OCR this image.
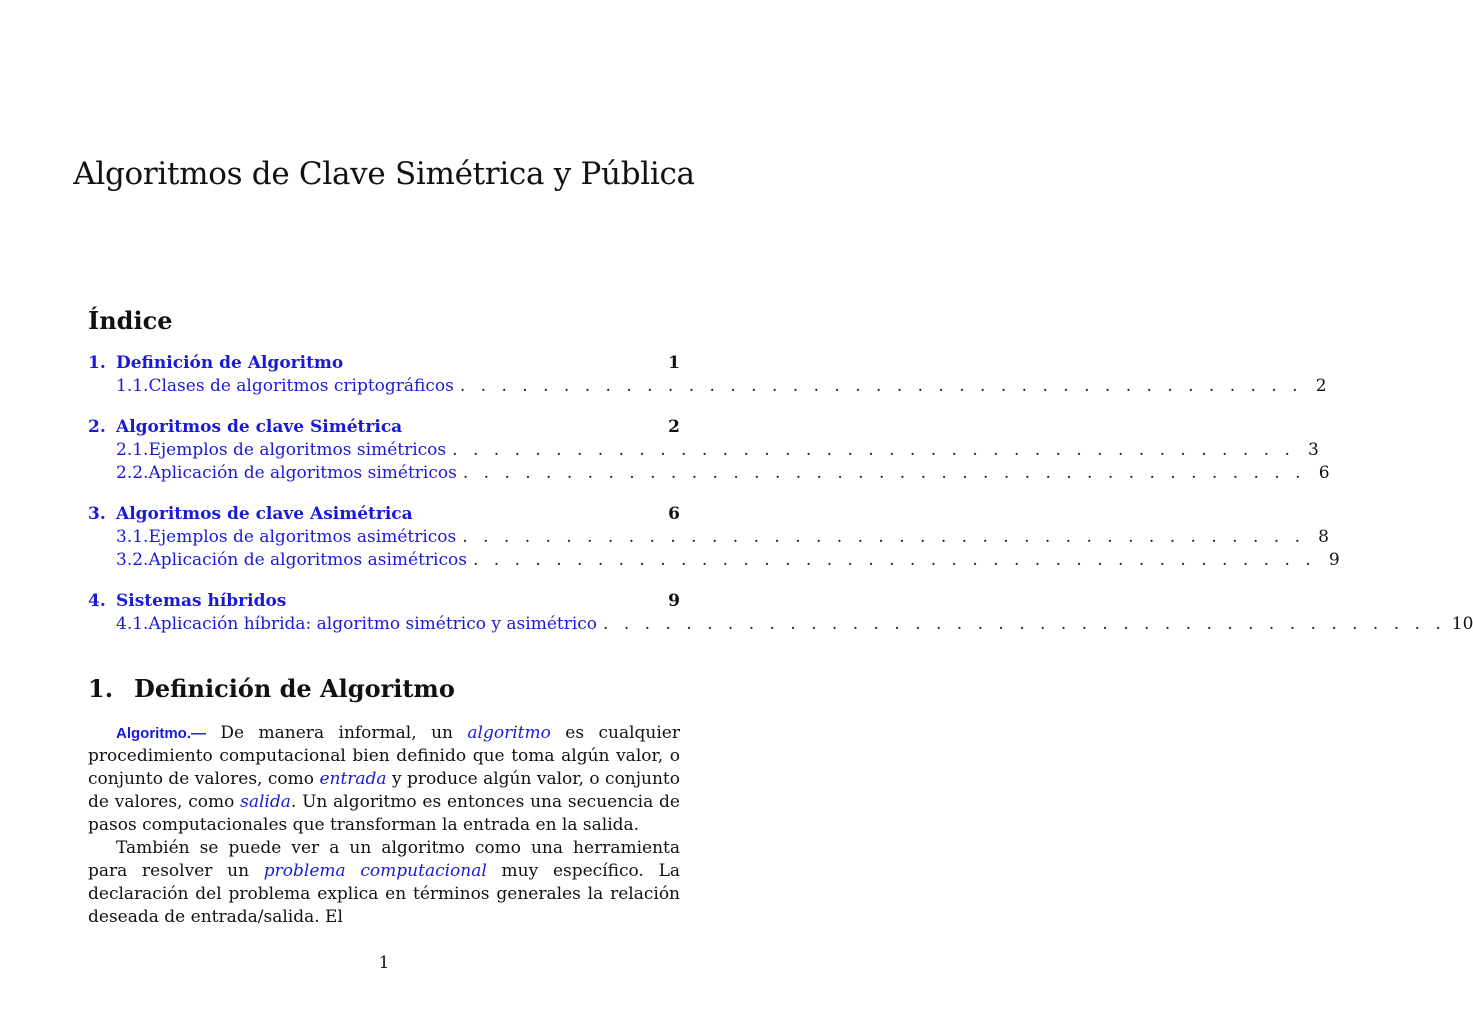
Algoritmos de Clave Simétrica y Pública
Índice
1. Definición de Algoritmo	1
1.1. Clases de algoritmos criptográficos . . . . . . . . . . . . . . . . . . . . . . . . . . . . . . . . . . . . . . . . . 2
2. Algoritmos de clave Simétrica	2
2.1. Ejemplos de algoritmos simétricos . . . . . . . . . . . . . . . . . . . . . . . . . . . . . . . . . . . . . . . . . 3
2.2. Aplicación de algoritmos simétricos . . . . . . . . . . . . . . . . . . . . . . . . . . . . . . . . . . . . . . . . . 6
3. Algoritmos de clave Asimétrica	6
3.1. Ejemplos de algoritmos asimétricos . . . . . . . . . . . . . . . . . . . . . . . . . . . . . . . . . . . . . . . . . 8
3.2. Aplicación de algoritmos asimétricos . . . . . . . . . . . . . . . . . . . . . . . . . . . . . . . . . . . . . . . . . 9
4. Sistemas híbridos	9
4.1. Aplicación híbrida: algoritmo simétrico y asimétrico . . . . . . . . . . . . . . . . . . . . . . . . . . . . . . . . . . . . . . . . . 10
1. Definición de Algoritmo

Algoritmo.— De manera informal, un algoritmo es cualquier procedimiento computacional bien definido que toma algún valor, o conjunto de valores, como entrada y produce algún valor, o conjunto de valores, como salida. Un algoritmo es entonces una secuencia de pasos computacionales que transforman la entrada en la salida.

También se puede ver a un algoritmo como una herramienta para resolver un problema computacional muy específico. La declaración del problema explica en términos generales la relación deseada de entrada/salida. El

1
